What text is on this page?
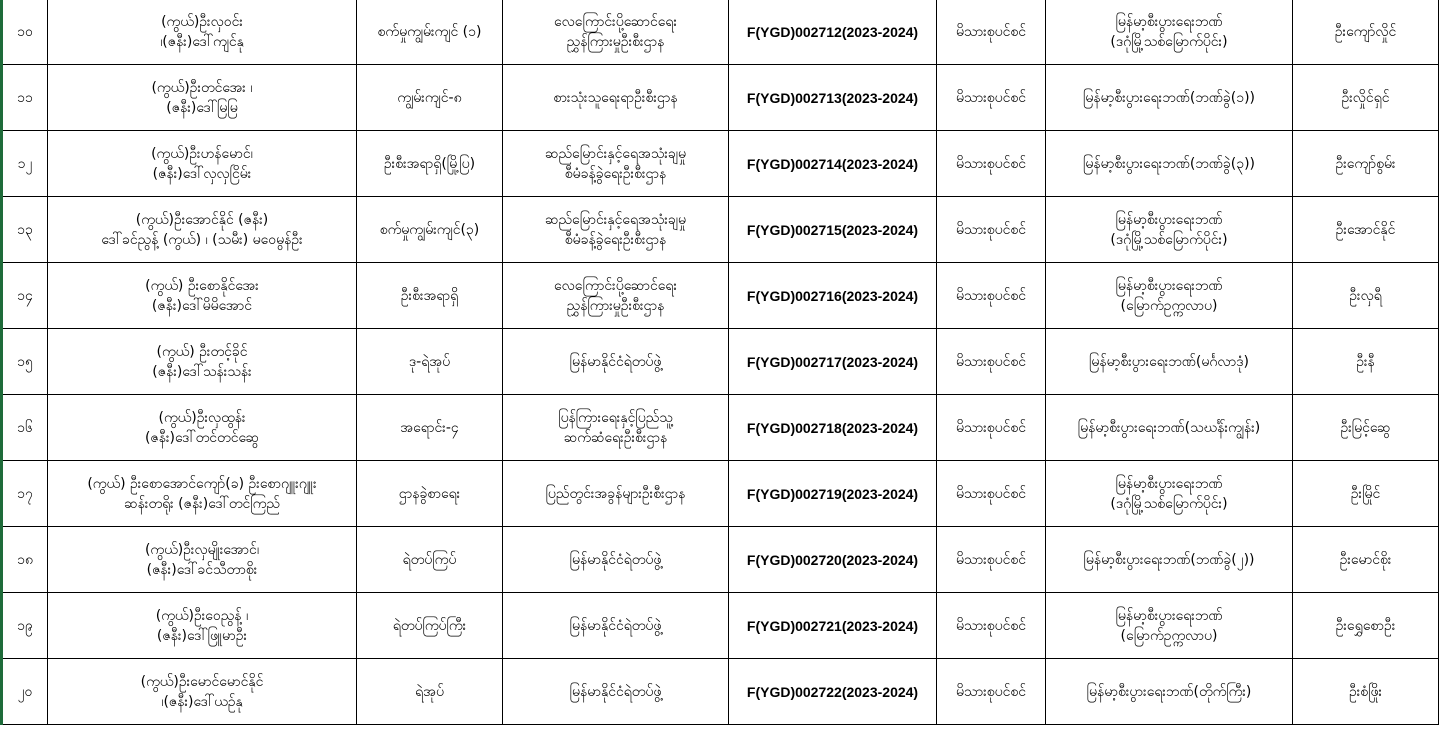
၁၀	(ကွယ်)ဦးလှဝင်း
၊(ဇနီး)ဒေါ်ကျင်နု	စက်မှုကျွမ်းကျင် (၁)	လေကြောင်းပို့ဆောင်ရေး
ညွှန်ကြားမှုဦးစီးဌာန	F(YGD)002712(2023-2024)	မိသားစုပင်စင်	မြန်မာ့စီးပွားရေးဘဏ်
(ဒဂုံမြို့သစ်မြောက်ပိုင်း)	ဦးကျော်လှိုင်
၁၁	(ကွယ်)ဦးတင်အေး ၊
(ဇနီး)ဒေါ်မြမြ	ကျွမ်းကျင်-၈	စားသုံးသူရေးရာဦးစီးဌာန	F(YGD)002713(2023-2024)	မိသားစုပင်စင်	မြန်မာ့စီးပွားရေးဘဏ်(ဘဏ်ခွဲ(၁))	ဦးလှိုင်ရှင်
၁၂	(ကွယ်)ဦးဟန်မောင်၊
(ဇနီး)ဒေါ်လှလှငြိမ်း	ဦးစီးအရာရှိ(မြို့ပြ)	ဆည်မြောင်းနှင့်ရေအသုံးချမှု
စီမံခန့်ခွဲရေးဦးစီးဌာန	F(YGD)002714(2023-2024)	မိသားစုပင်စင်	မြန်မာ့စီးပွားရေးဘဏ်(ဘဏ်ခွဲ(၃))	ဦးကျော်စွမ်း
၁၃	(ကွယ်)ဦးအောင်နိုင် (ဇနီး)
ဒေါ်ခင်ညွန့် (ကွယ်) ၊ (သမီး) မဝေမွန်ဦး	စက်မှုကျွမ်းကျင်(၃)	ဆည်မြောင်းနှင့်ရေအသုံးချမှု
စီမံခန့်ခွဲရေးဦးစီးဌာန	F(YGD)002715(2023-2024)	မိသားစုပင်စင်	မြန်မာ့စီးပွားရေးဘဏ်
(ဒဂုံမြို့သစ်မြောက်ပိုင်း)	ဦးအောင်နိုင်
၁၄	(ကွယ်) ဦးစောနိုင်အေး
(ဇနီး)ဒေါ်မိမိအောင်	ဦးစီးအရာရှိ	လေကြောင်းပို့ဆောင်ရေး
ညွှန်ကြားမှုဦးစီးဌာန	F(YGD)002716(2023-2024)	မိသားစုပင်စင်	မြန်မာ့စီးပွားရေးဘဏ်
(မြောက်ဥက္ကလာပ)	ဦးလှရီ
၁၅	(ကွယ်) ဦးတင့်ခိုင်
(ဇနီး)ဒေါ်သန်းသန်း	ဒု-ရဲအုပ်	မြန်မာနိုင်ငံရဲတပ်ဖွဲ့	F(YGD)002717(2023-2024)	မိသားစုပင်စင်	မြန်မာ့စီးပွားရေးဘဏ်(မင်္ဂလာဒုံ)	ဦးနီ
၁၆	(ကွယ်)ဦးလှထွန်း
(ဇနီး)ဒေါ်တင်တင်ဆွေ	အရောင်း-၄	ပြန်ကြားရေးနှင့်ပြည်သူ့
ဆက်ဆံရေးဦးစီးဌာန	F(YGD)002718(2023-2024)	မိသားစုပင်စင်	မြန်မာ့စီးပွားရေးဘဏ်(သဃင်္န်းကျွန်း)	ဦးမြင့်ဆွေ
၁၇	(ကွယ်) ဦးစောအောင်ကျော်(ခ) ဦးစောဂျူးဂျူး
ဆန်းတရိုး (ဇနီး)ဒေါ်တင်ကြည်	ဌာနခွဲစာရေး	ပြည်တွင်းအခွန်များဦးစီးဌာန	F(YGD)002719(2023-2024)	မိသားစုပင်စင်	မြန်မာ့စီးပွားရေးဘဏ်
(ဒဂုံမြို့သစ်မြောက်ပိုင်း)	ဦးမြိုင်
၁၈	(ကွယ်)ဦးလှမျိုးအောင်၊
(ဇနီး)ဒေါ်ခင်သီတာစိုး	ရဲတပ်ကြပ်	မြန်မာနိုင်ငံရဲတပ်ဖွဲ့	F(YGD)002720(2023-2024)	မိသားစုပင်စင်	မြန်မာ့စီးပွားရေးဘဏ်(ဘဏ်ခွဲ(၂))	ဦးမောင်စိုး
၁၉	(ကွယ်)ဦးဝေညွန့် ၊
(ဇနီး)ဒေါ်ဖြူမာဦး	ရဲတပ်ကြပ်ကြီး	မြန်မာနိုင်ငံရဲတပ်ဖွဲ့	F(YGD)002721(2023-2024)	မိသားစုပင်စင်	မြန်မာ့စီးပွားရေးဘဏ်
(မြောက်ဥက္ကလာပ)	ဦးရွှေစောဦး
၂၀	(ကွယ်)ဦးမောင်မောင်နိုင်
၊(ဇနီး)ဒေါ်ယဉ်နု	ရဲအုပ်	မြန်မာနိုင်ငံရဲတပ်ဖွဲ့	F(YGD)002722(2023-2024)	မိသားစုပင်စင်	မြန်မာ့စီးပွားရေးဘဏ်(တိုက်ကြီး)	ဦးစံဖြိုး
